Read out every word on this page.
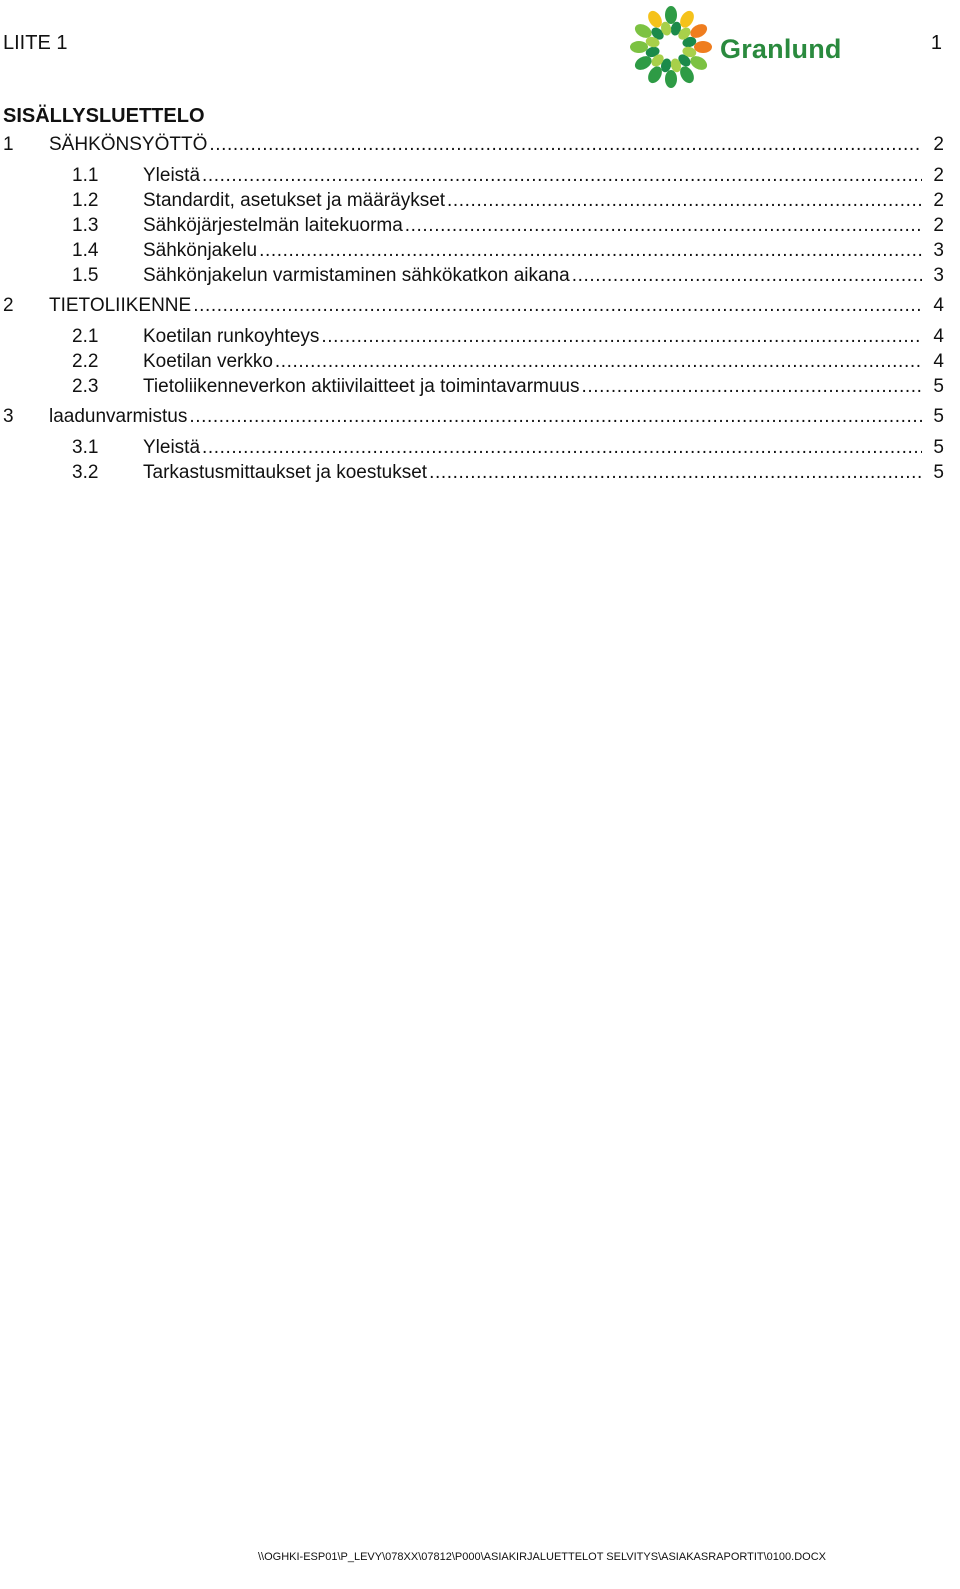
LIITE 1	Granlund	1
SISÄLLYSLUETTELO
1 SÄHKÖNSYÖTTÖ .....	2
1.1 Yleistä .....	2
1.2 Standardit, asetukset ja määräykset .....	2
1.3 Sähköjärjestelmän laitekuorma .....	2
1.4 Sähkönjakelu .....	3
1.5 Sähkönjakelun varmistaminen sähkökatkon aikana .....	3
2 TIETOLIIKENNE .....	4
2.1 Koetilan runkoyhteys .....	4
2.2 Koetilan verkko .....	4
2.3 Tietoliikenneverkon aktiivilaitteet ja toimintavarmuus .....	5
3 laadunvarmistus .....	5
3.1 Yleistä .....	5
3.2 Tarkastusmittaukset ja koestukset .....	5
\\OGHKI-ESP01\P_LEVY\078XX\07812\P000\ASIAKIRJALUETTELOT SELVITYS\ASIAKASRAPORTIT\0100.DOCX
